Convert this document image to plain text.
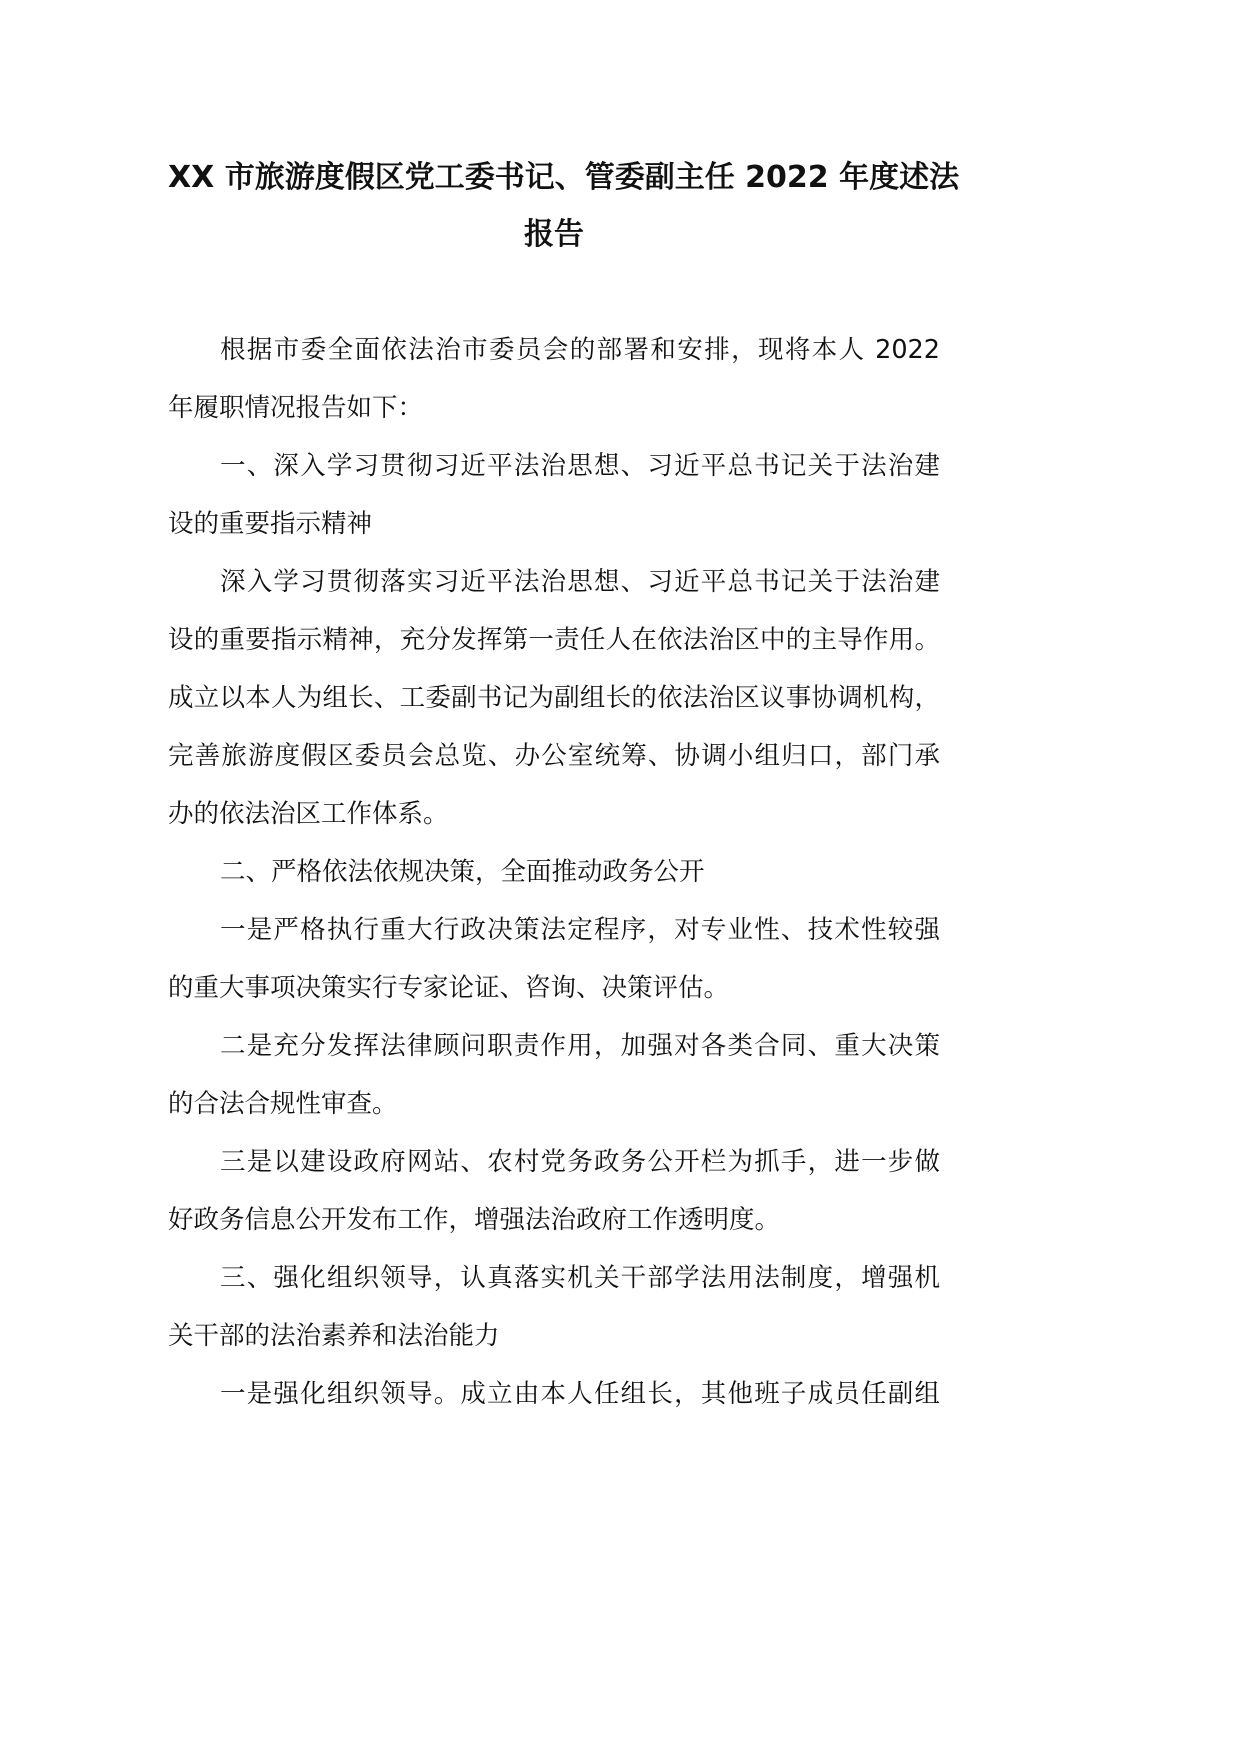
XX 市旅游度假区党工委书记、管委副主任 2022 年度述法
报告
根据市委全面依法治市委员会的部署和安排，现将本人 2022
年履职情况报告如下：
一、深入学习贯彻习近平法治思想、习近平总书记关于法治建
设的重要指示精神
深入学习贯彻落实习近平法治思想、习近平总书记关于法治建
设的重要指示精神，充分发挥第一责任人在依法治区中的主导作用。
成立以本人为组长、工委副书记为副组长的依法治区议事协调机构，
完善旅游度假区委员会总览、办公室统筹、协调小组归口，部门承
办的依法治区工作体系。
二、严格依法依规决策，全面推动政务公开
一是严格执行重大行政决策法定程序，对专业性、技术性较强
的重大事项决策实行专家论证、咨询、决策评估。
二是充分发挥法律顾问职责作用，加强对各类合同、重大决策
的合法合规性审查。
三是以建设政府网站、农村党务政务公开栏为抓手，进一步做
好政务信息公开发布工作，增强法治政府工作透明度。
三、强化组织领导，认真落实机关干部学法用法制度，增强机
关干部的法治素养和法治能力
一是强化组织领导。成立由本人任组长，其他班子成员任副组
